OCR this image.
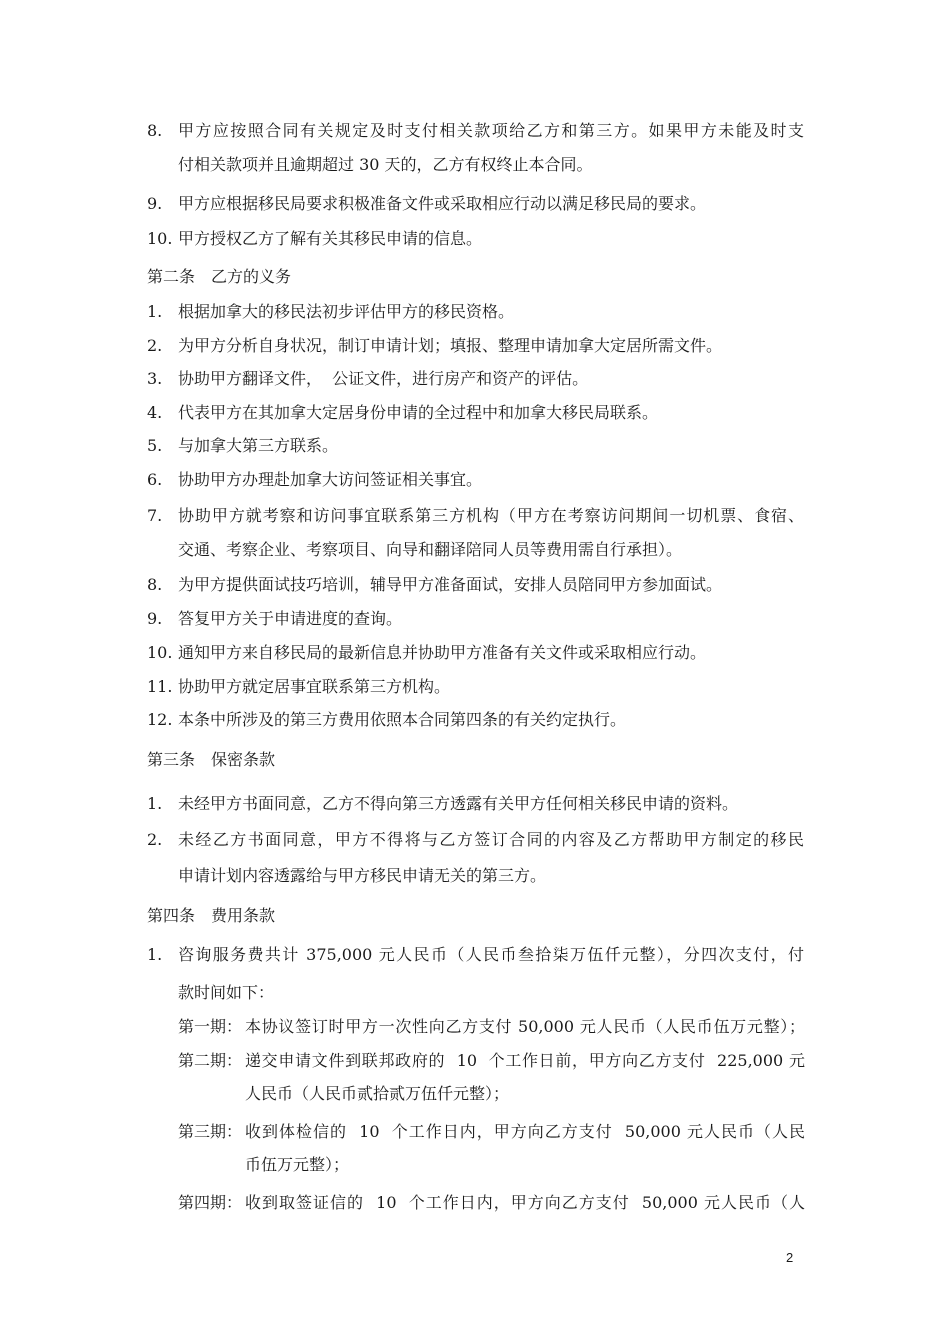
8. 甲方应按照合同有关规定及时支付相关款项给乙方和第三方。如果甲方未能及时支
付相关款项并且逾期超过 30 天的，乙方有权终止本合同。
9. 甲方应根据移民局要求积极准备文件或采取相应行动以满足移民局的要求。
10. 甲方授权乙方了解有关其移民申请的信息。
第二条　乙方的义务
1. 根据加拿大的移民法初步评估甲方的移民资格。
2. 为甲方分析自身状况，制订申请计划；填报、整理申请加拿大定居所需文件。
3. 协助甲方翻译文件，  公证文件，进行房产和资产的评估。
4. 代表甲方在其加拿大定居身份申请的全过程中和加拿大移民局联系。
5. 与加拿大第三方联系。
6. 协助甲方办理赴加拿大访问签证相关事宜。
7. 协助甲方就考察和访问事宜联系第三方机构（甲方在考察访问期间一切机票、食宿、
交通、考察企业、考察项目、向导和翻译陪同人员等费用需自行承担）。
8. 为甲方提供面试技巧培训，辅导甲方准备面试，安排人员陪同甲方参加面试。
9. 答复甲方关于申请进度的查询。
10. 通知甲方来自移民局的最新信息并协助甲方准备有关文件或采取相应行动。
11. 协助甲方就定居事宜联系第三方机构。
12. 本条中所涉及的第三方费用依照本合同第四条的有关约定执行。
第三条　保密条款
1. 未经甲方书面同意，乙方不得向第三方透露有关甲方任何相关移民申请的资料。
2. 未经乙方书面同意，甲方不得将与乙方签订合同的内容及乙方帮助甲方制定的移民
申请计划内容透露给与甲方移民申请无关的第三方。
第四条　费用条款
1. 咨询服务费共计 375,000 元人民币（人民币叁拾柒万伍仟元整），分四次支付，付
款时间如下：
第一期： 本协议签订时甲方一次性向乙方支付 50,000 元人民币（人民币伍万元整）；
第二期： 递交申请文件到联邦政府的  10  个工作日前，甲方向乙方支付  225,000 元
人民币（人民币贰拾贰万伍仟元整）；
第三期： 收到体检信的  10  个工作日内，甲方向乙方支付  50,000 元人民币（人民
币伍万元整）；
第四期： 收到取签证信的  10  个工作日内，甲方向乙方支付  50,000 元人民币（人
2
